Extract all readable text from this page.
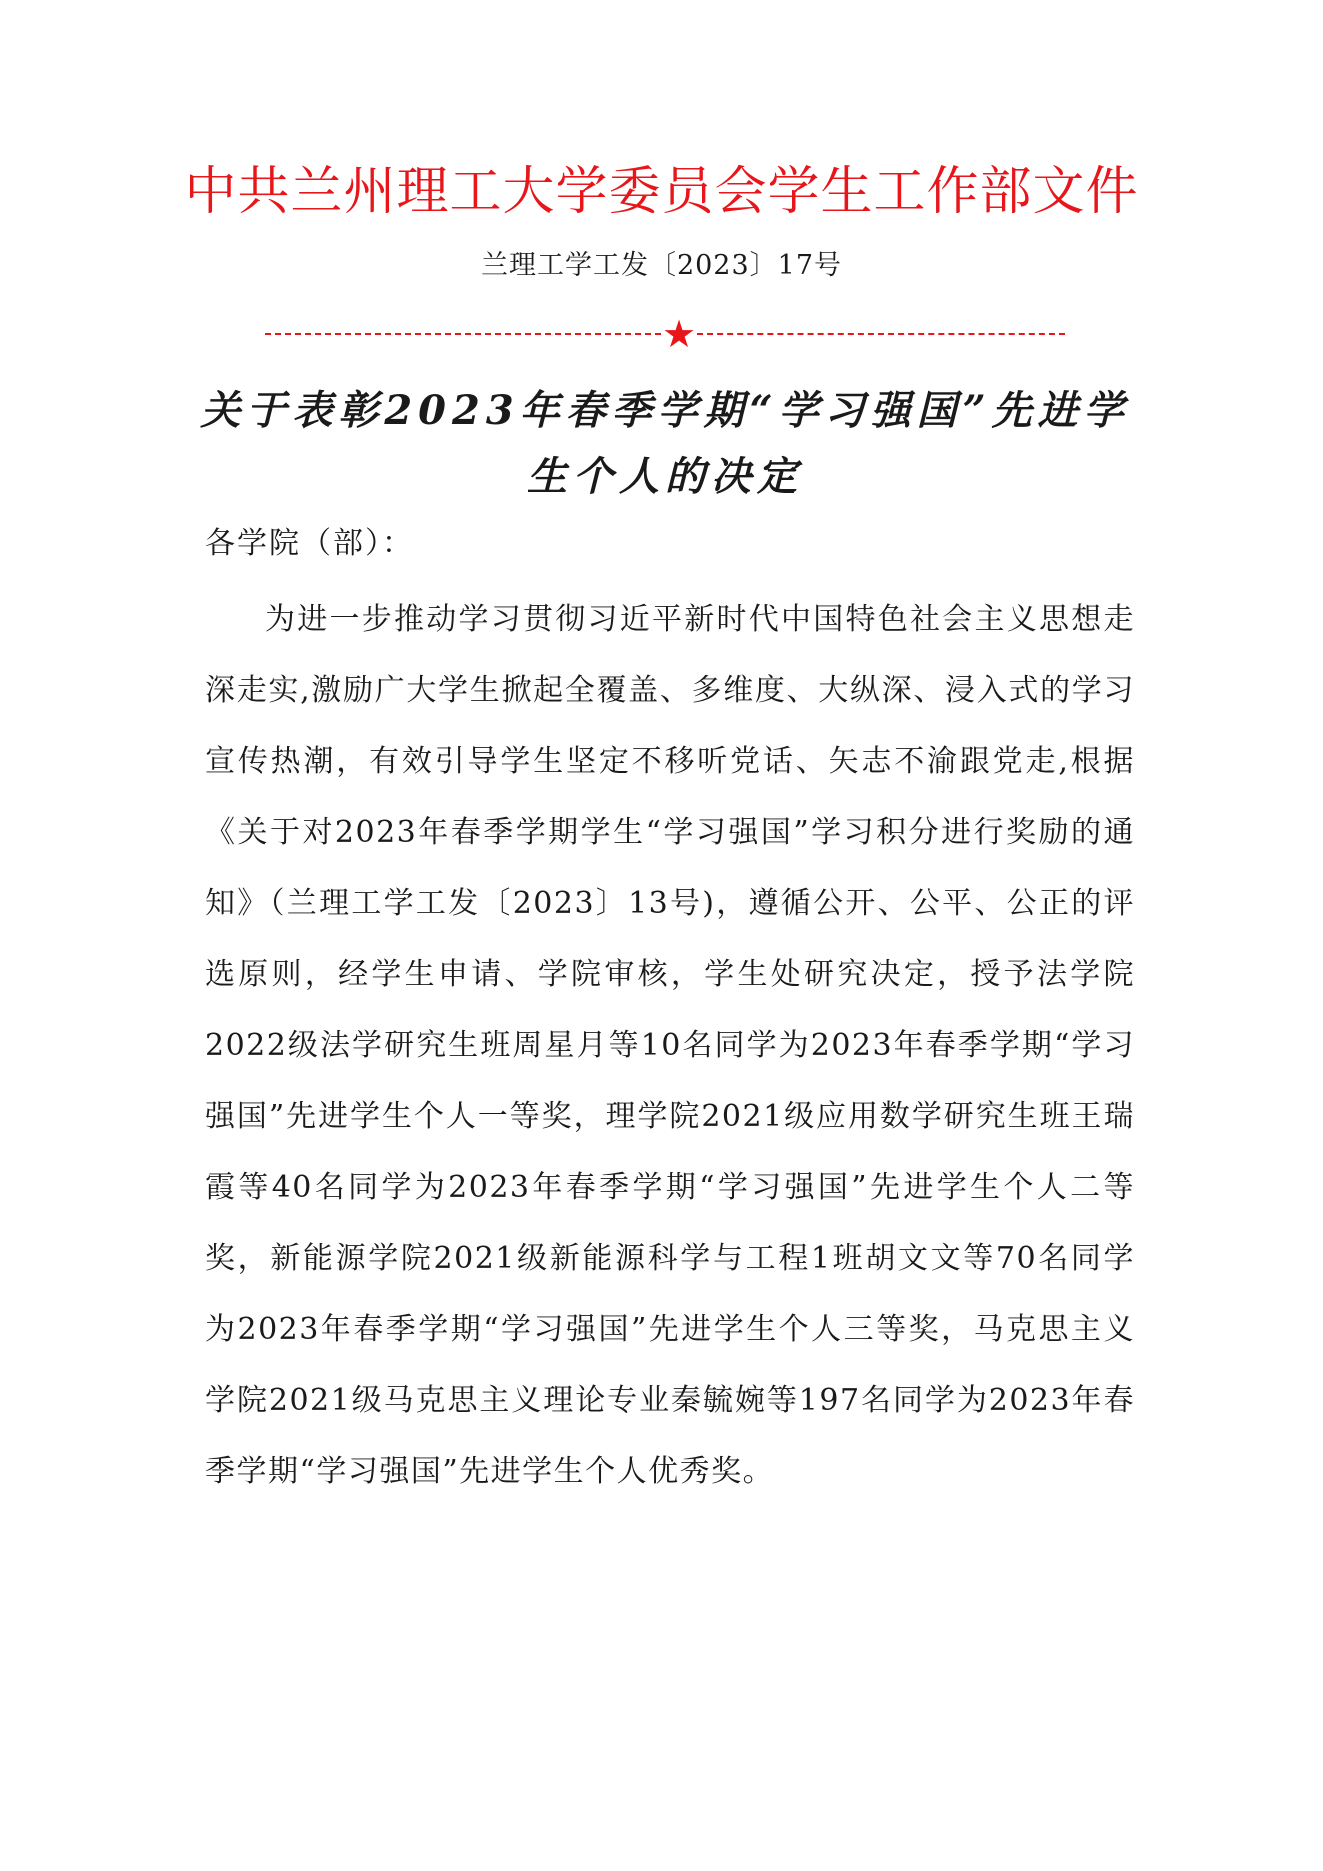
中共兰州理工大学委员会学生工作部文件
兰理工学工发〔2023〕17号
★
关于表彰2023年春季学期“学习强国”先进学生个人的决定
各学院（部）：

为进一步推动学习贯彻习近平新时代中国特色社会主义思想走深走实,激励广大学生掀起全覆盖、多维度、大纵深、浸入式的学习宣传热潮，有效引导学生坚定不移听党话、矢志不渝跟党走,根据《关于对2023年春季学期学生“学习强国”学习积分进行奖励的通知》（兰理工学工发〔2023〕13号)，遵循公开、公平、公正的评选原则，经学生申请、学院审核，学生处研究决定，授予法学院2022级法学研究生班周星月等10名同学为2023年春季学期“学习强国”先进学生个人一等奖，理学院2021级应用数学研究生班王瑞霞等40名同学为2023年春季学期“学习强国”先进学生个人二等奖，新能源学院2021级新能源科学与工程1班胡文文等70名同学为2023年春季学期“学习强国”先进学生个人三等奖，马克思主义学院2021级马克思主义理论专业秦毓婉等197名同学为2023年春季学期“学习强国”先进学生个人优秀奖。
